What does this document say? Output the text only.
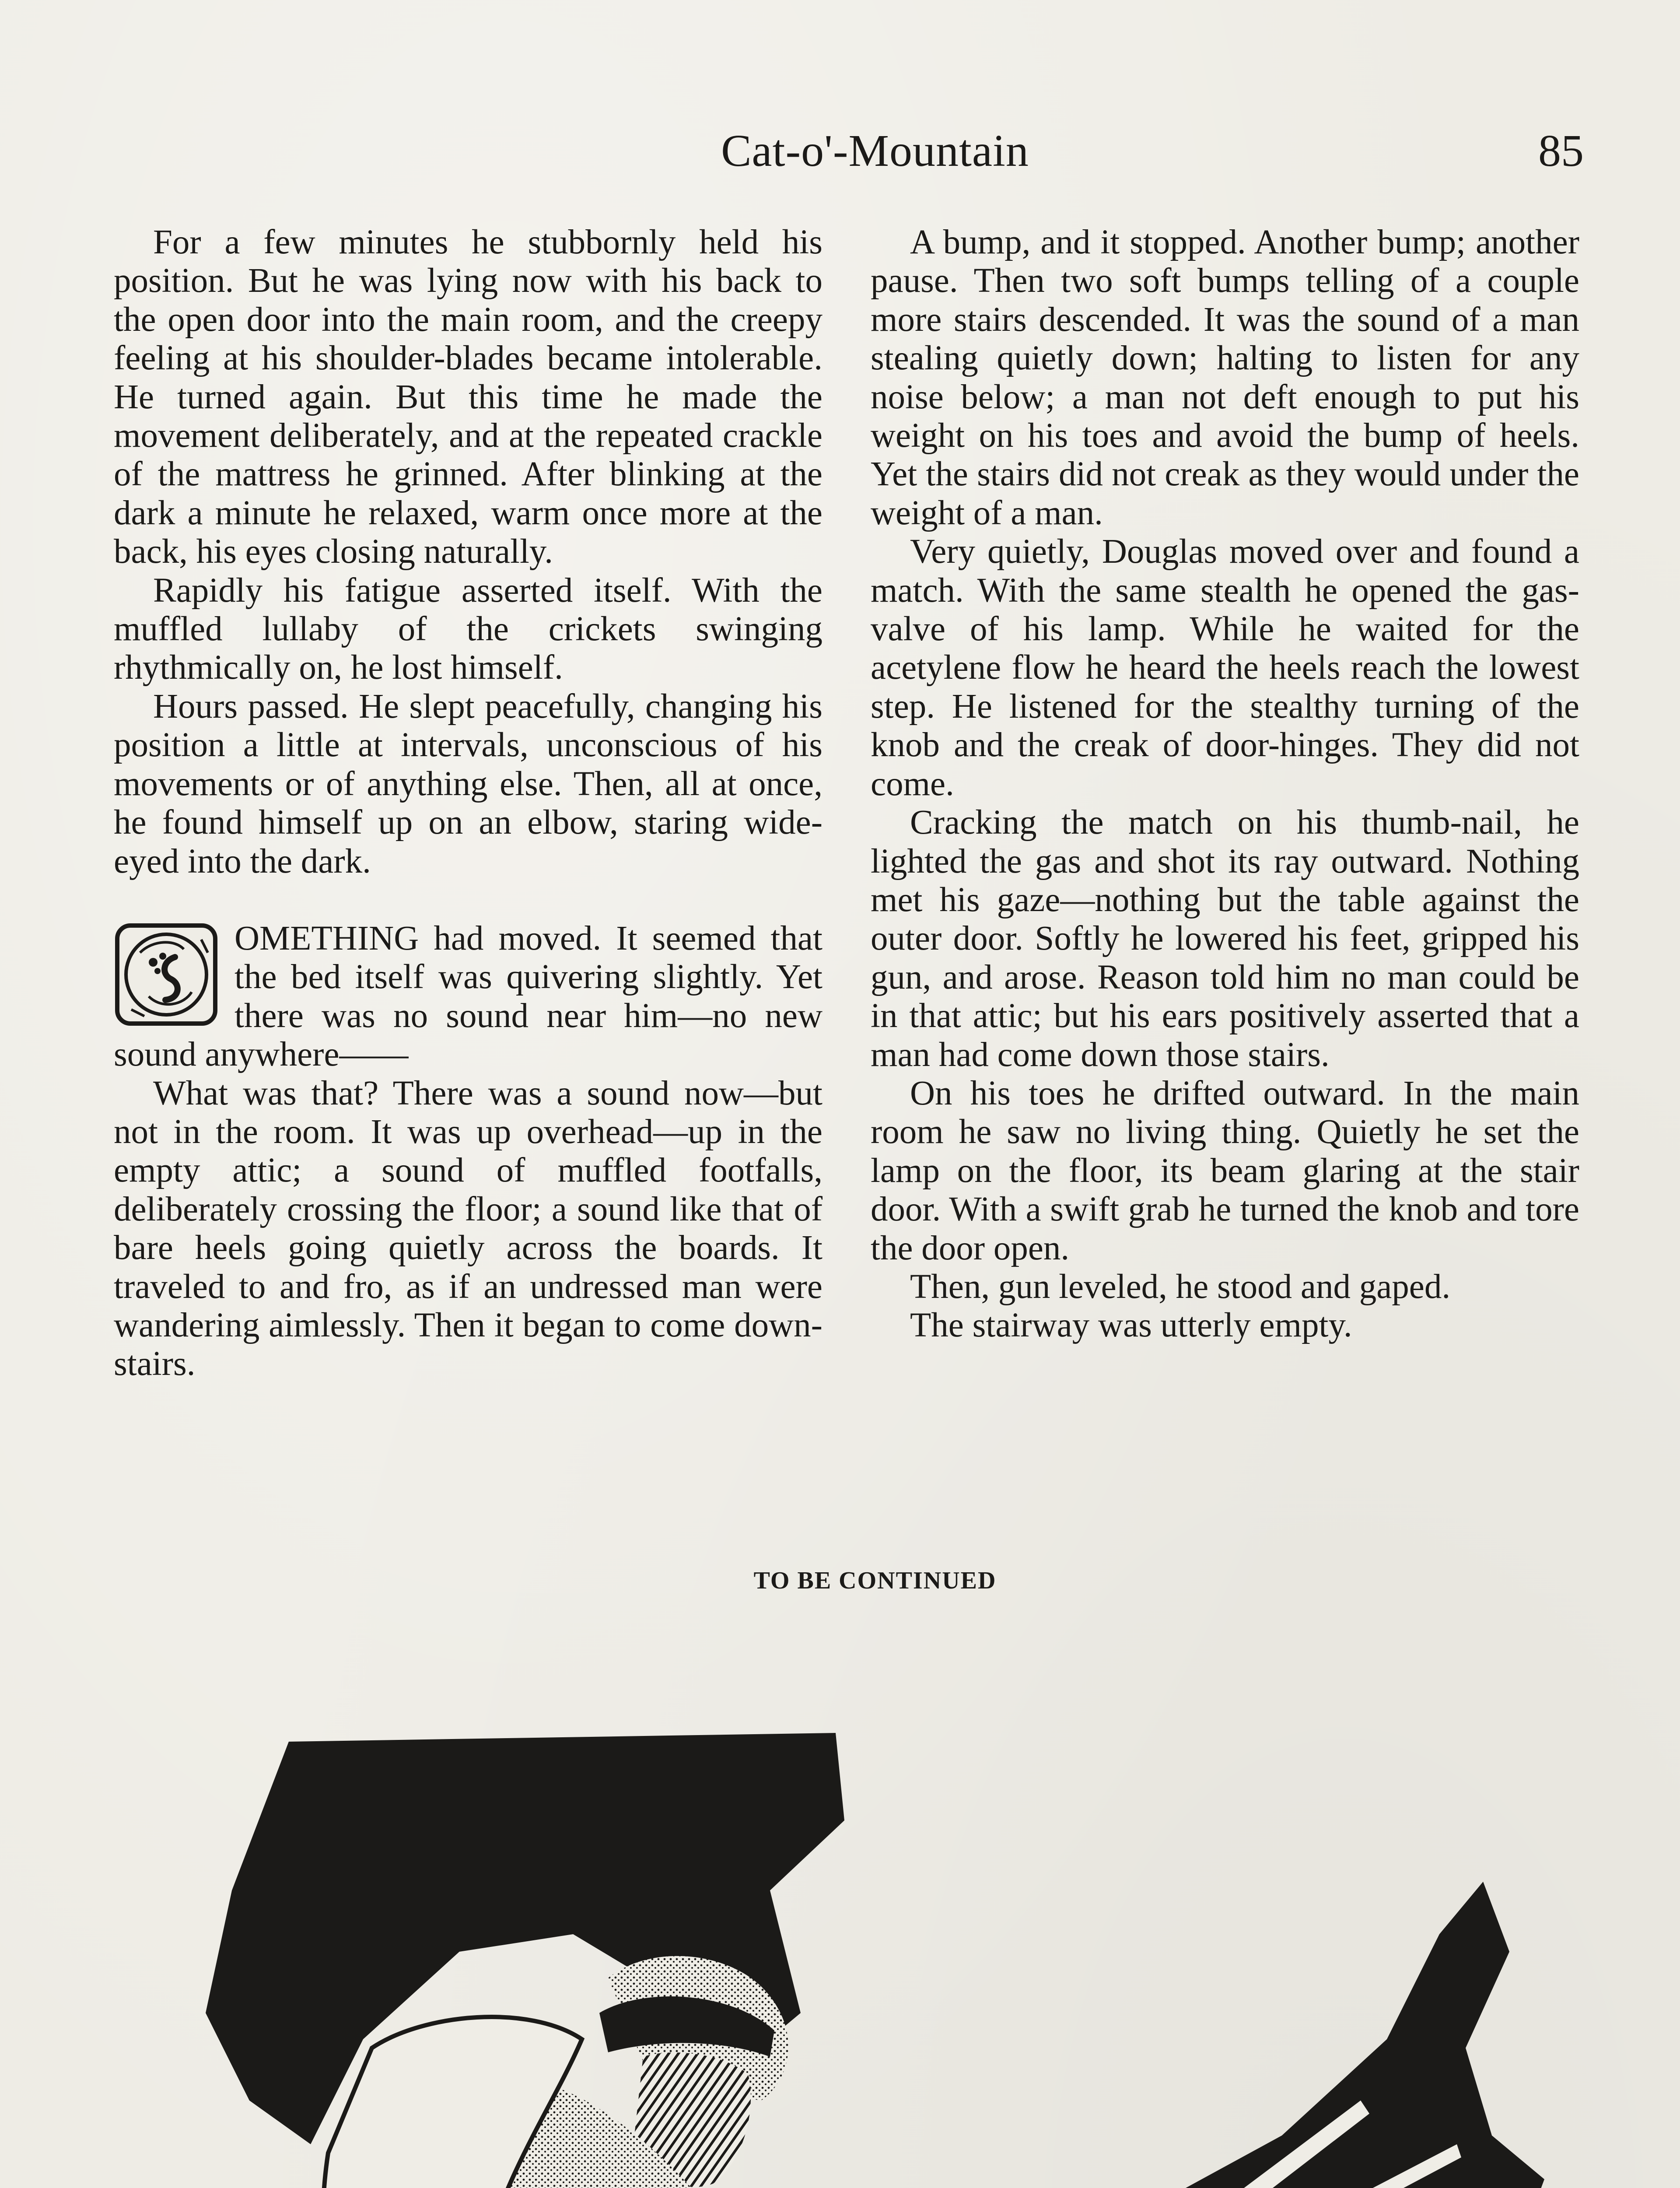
Cat-o'-Mountain	85

For a few minutes he stubbornly held his position. But he was lying now with his back to the open door into the main room, and the creepy feeling at his shoulder-blades became intolerable. He turned again. But this time he made the movement deliberately, and at the repeated crackle of the mattress he grinned. After blinking at the dark a minute he relaxed, warm once more at the back, his eyes closing naturally.

Rapidly his fatigue asserted itself. With the muffled lullaby of the crickets swinging rhythmically on, he lost himself.

Hours passed. He slept peacefully, changing his position a little at intervals, unconscious of his movements or of anything else. Then, all at once, he found himself up on an elbow, staring wide-eyed into the dark.

OMETHING had moved. It seemed that the bed itself was quivering slightly. Yet there was no sound near him—no new sound anywhere——

What was that? There was a sound now—but not in the room. It was up overhead—up in the empty attic; a sound of muffled footfalls, deliberately crossing the floor; a sound like that of bare heels going quietly across the boards. It traveled to and fro, as if an undressed man were wandering aimlessly. Then it began to come down-stairs.

A bump, and it stopped. Another bump; another pause. Then two soft bumps telling of a couple more stairs descended. It was the sound of a man stealing quietly down; halting to listen for any noise below; a man not deft enough to put his weight on his toes and avoid the bump of heels. Yet the stairs did not creak as they would under the weight of a man.

Very quietly, Douglas moved over and found a match. With the same stealth he opened the gas-valve of his lamp. While he waited for the acetylene flow he heard the heels reach the lowest step. He listened for the stealthy turning of the knob and the creak of door-hinges. They did not come.

Cracking the match on his thumb-nail, he lighted the gas and shot its ray outward. Nothing met his gaze—nothing but the table against the outer door. Softly he lowered his feet, gripped his gun, and arose. Reason told him no man could be in that attic; but his ears positively asserted that a man had come down those stairs.

On his toes he drifted outward. In the main room he saw no living thing. Quietly he set the lamp on the floor, its beam glaring at the stair door. With a swift grab he turned the knob and tore the door open.

Then, gun leveled, he stood and gaped.

The stairway was utterly empty.

TO BE CONTINUED
